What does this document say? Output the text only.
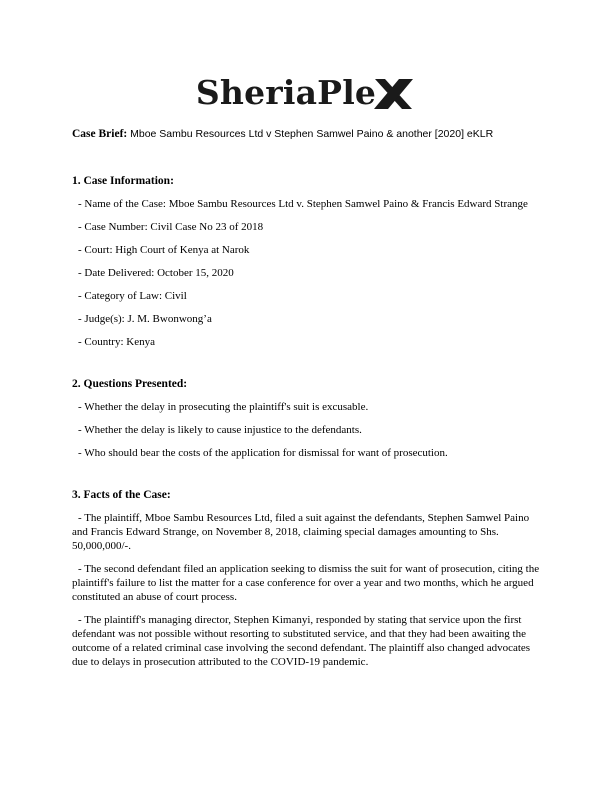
SheriaPle
Case Brief: Mboe Sambu Resources Ltd v Stephen Samwel Paino & another [2020] eKLR
1. Case Information:
- Name of the Case: Mboe Sambu Resources Ltd v. Stephen Samwel Paino & Francis Edward Strange
- Case Number: Civil Case No 23 of 2018
- Court: High Court of Kenya at Narok
- Date Delivered: October 15, 2020
- Category of Law: Civil
- Judge(s): J. M. Bwonwong’a
- Country: Kenya
2. Questions Presented:
- Whether the delay in prosecuting the plaintiff's suit is excusable.
- Whether the delay is likely to cause injustice to the defendants.
- Who should bear the costs of the application for dismissal for want of prosecution.
3. Facts of the Case:
- The plaintiff, Mboe Sambu Resources Ltd, filed a suit against the defendants, Stephen Samwel Paino and Francis Edward Strange, on November 8, 2018, claiming special damages amounting to Shs. 50,000,000/-.
- The second defendant filed an application seeking to dismiss the suit for want of prosecution, citing the plaintiff's failure to list the matter for a case conference for over a year and two months, which he argued constituted an abuse of court process.
- The plaintiff's managing director, Stephen Kimanyi, responded by stating that service upon the first defendant was not possible without resorting to substituted service, and that they had been awaiting the outcome of a related criminal case involving the second defendant. The plaintiff also changed advocates due to delays in prosecution attributed to the COVID-19 pandemic.
